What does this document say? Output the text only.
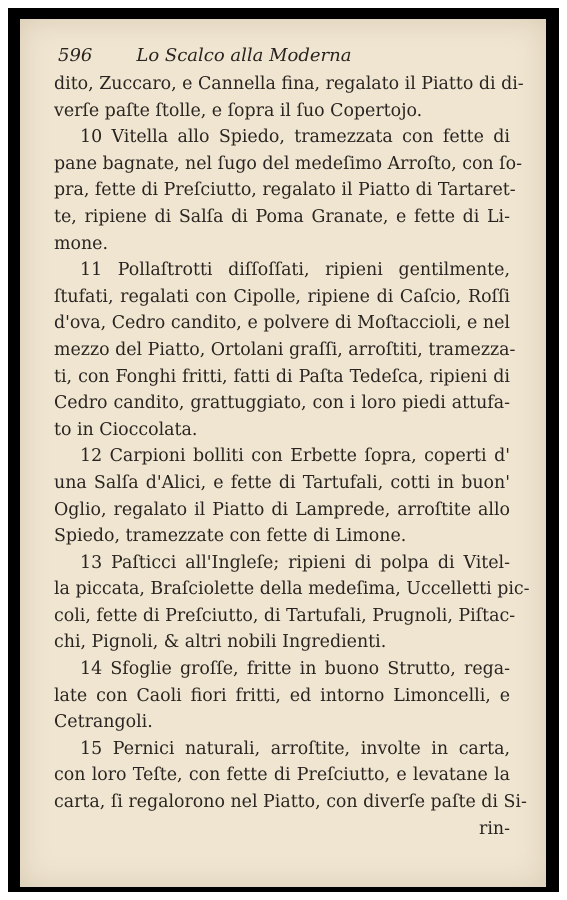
596 Lo Scalco alla Moderna
dito, Zuccaro, e Cannella fina, regalato il Piatto di di-
verſe paſte ſtolle, e ſopra il ſuo Copertojo.
10 Vitella allo Spiedo, tramezzata con fette di
pane bagnate, nel ſugo del medeſimo Arroſto, con ſo-
pra, fette di Preſciutto, regalato il Piatto di Tartaret-
te, ripiene di Salſa di Poma Granate, e fette di Li-
mone.
11 Pollaſtrotti diſſoſſati, ripieni gentilmente,
ſtufati, regalati con Cipolle, ripiene di Caſcio, Roſſi
d'ova, Cedro candito, e polvere di Moſtaccioli, e nel
mezzo del Piatto, Ortolani graſſi, arroſtiti, tramezza-
ti, con Fonghi fritti, fatti di Paſta Tedeſca, ripieni di
Cedro candito, grattuggiato, con i loro piedi attufa-
to in Cioccolata.
12 Carpioni bolliti con Erbette ſopra, coperti d'
una Salſa d'Alici, e fette di Tartufali, cotti in buon'
Oglio, regalato il Piatto di Lamprede, arroſtite allo
Spiedo, tramezzate con fette di Limone.
13 Paſticci all'Ingleſe; ripieni di polpa di Vitel-
la piccata, Braſciolette della medeſima, Uccelletti pic-
coli, fette di Preſciutto, di Tartufali, Prugnoli, Piſtac-
chi, Pignoli, & altri nobili Ingredienti.
14 Sfoglie groſſe, fritte in buono Strutto, rega-
late con Caoli fiori fritti, ed intorno Limoncelli, e
Cetrangoli.
15 Pernici naturali, arroſtite, involte in carta,
con loro Teſte, con fette di Preſciutto, e levatane la
carta, ſi regalorono nel Piatto, con diverſe paſte di Si-
rin-
